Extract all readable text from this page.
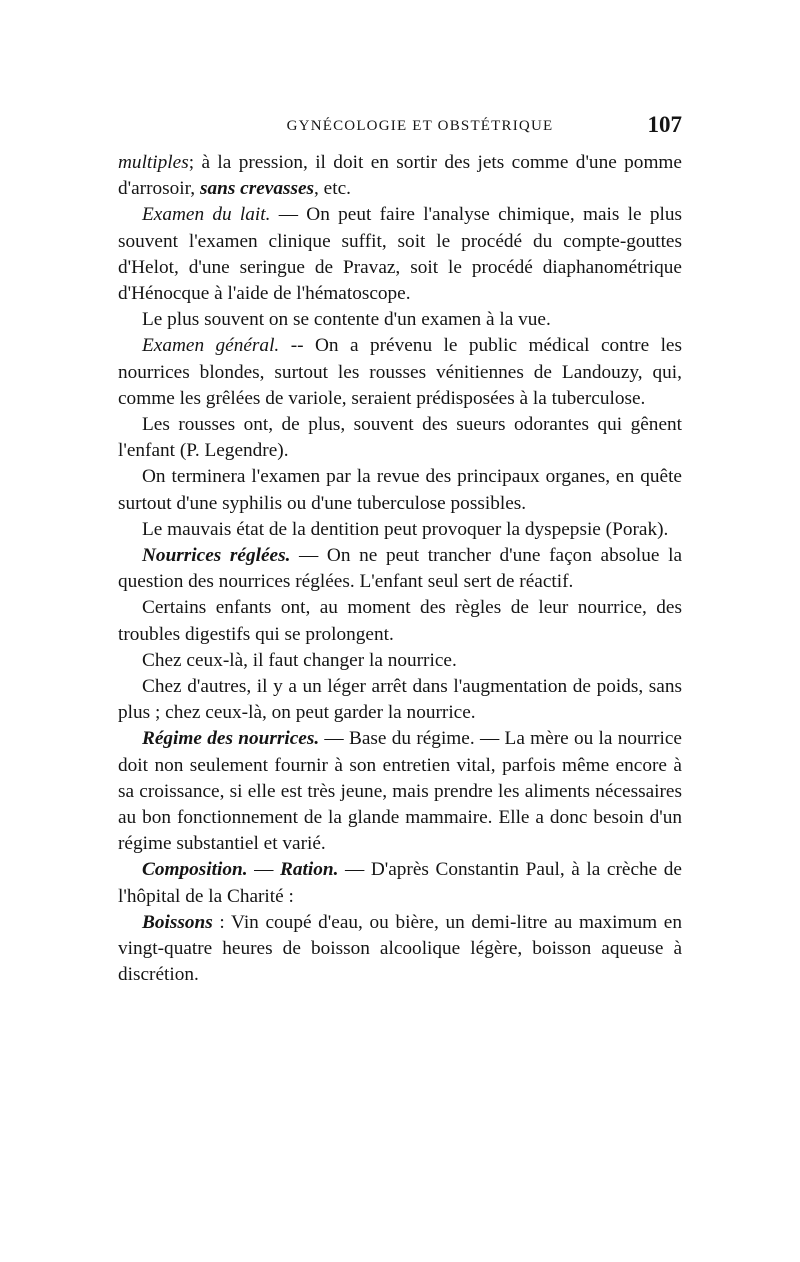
GYNÉCOLOGIE ET OBSTÉTRIQUE	107

multiples; à la pression, il doit en sortir des jets comme d'une pomme d'arrosoir, sans crevasses, etc.

Examen du lait. — On peut faire l'analyse chimique, mais le plus souvent l'examen clinique suffit, soit le procédé du compte-gouttes d'Helot, d'une seringue de Pravaz, soit le procédé diaphanométrique d'Hénocque à l'aide de l'hématoscope.

Le plus souvent on se contente d'un examen à la vue.

Examen général. -- On a prévenu le public médical contre les nourrices blondes, surtout les rousses vénitiennes de Landouzy, qui, comme les grêlées de variole, seraient prédisposées à la tuberculose.

Les rousses ont, de plus, souvent des sueurs odorantes qui gênent l'enfant (P. Legendre).

On terminera l'examen par la revue des principaux organes, en quête surtout d'une syphilis ou d'une tuberculose possibles.

Le mauvais état de la dentition peut provoquer la dyspepsie (Porak).

Nourrices réglées. — On ne peut trancher d'une façon absolue la question des nourrices réglées. L'enfant seul sert de réactif.

Certains enfants ont, au moment des règles de leur nourrice, des troubles digestifs qui se prolongent.

Chez ceux-là, il faut changer la nourrice.

Chez d'autres, il y a un léger arrêt dans l'augmentation de poids, sans plus ; chez ceux-là, on peut garder la nourrice.

Régime des nourrices. — Base du régime. — La mère ou la nourrice doit non seulement fournir à son entretien vital, parfois même encore à sa croissance, si elle est très jeune, mais prendre les aliments nécessaires au bon fonctionnement de la glande mammaire. Elle a donc besoin d'un régime substantiel et varié.

Composition. — Ration. — D'après Constantin Paul, à la crèche de l'hôpital de la Charité :

Boissons : Vin coupé d'eau, ou bière, un demi-litre au maximum en vingt-quatre heures de boisson alcoolique légère, boisson aqueuse à discrétion.
